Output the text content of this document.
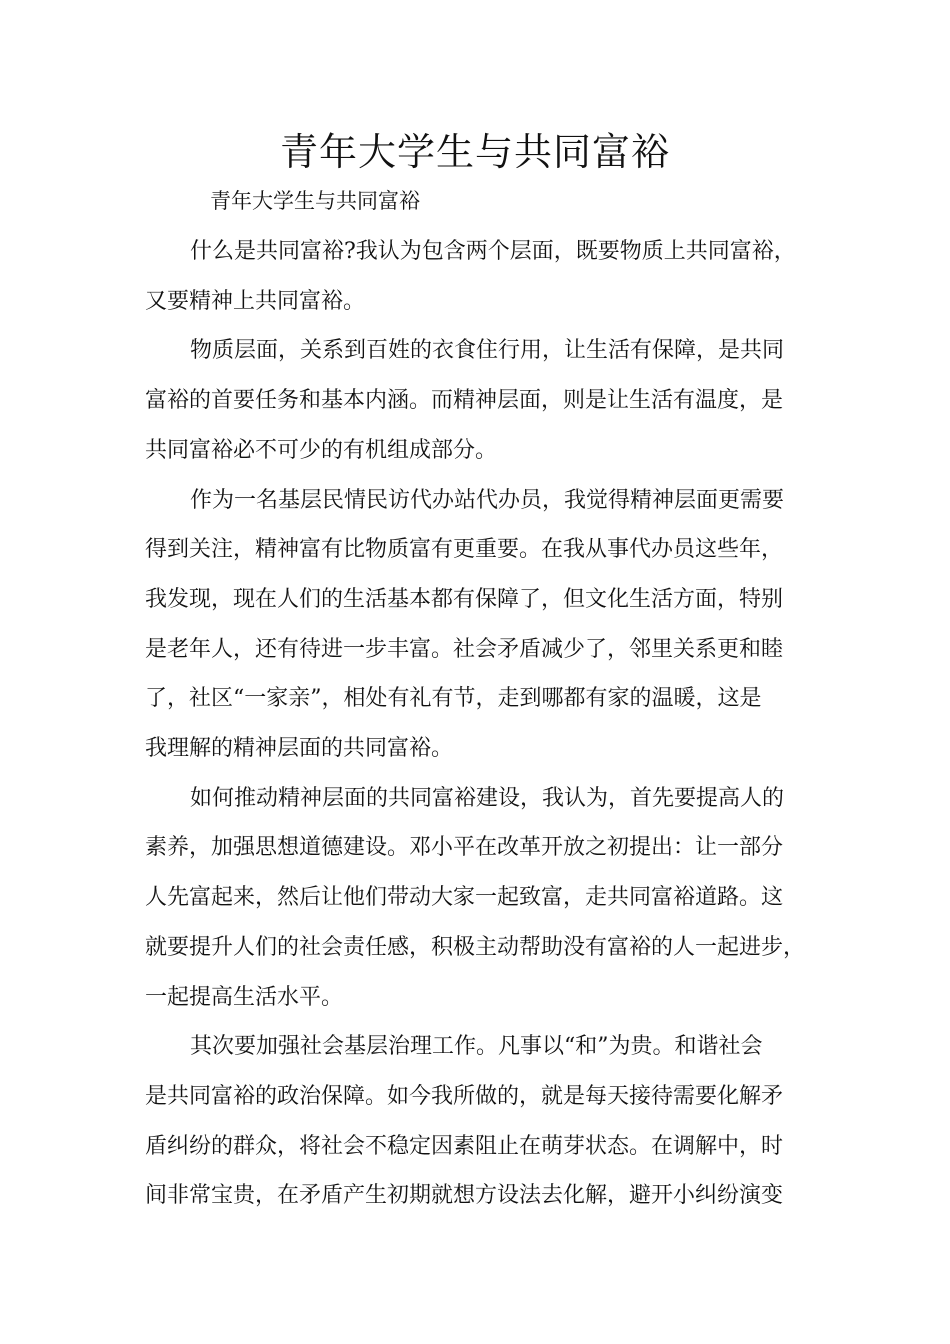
青年大学生与共同富裕
青年大学生与共同富裕
什么是共同富裕?我认为包含两个层面，既要物质上共同富裕，
又要精神上共同富裕。
物质层面，关系到百姓的衣食住行用，让生活有保障，是共同
富裕的首要任务和基本内涵。而精神层面，则是让生活有温度，是
共同富裕必不可少的有机组成部分。
作为一名基层民情民访代办站代办员，我觉得精神层面更需要
得到关注，精神富有比物质富有更重要。在我从事代办员这些年，
我发现，现在人们的生活基本都有保障了，但文化生活方面，特别
是老年人，还有待进一步丰富。社会矛盾减少了，邻里关系更和睦
了，社区“一家亲”，相处有礼有节，走到哪都有家的温暖，这是
我理解的精神层面的共同富裕。
如何推动精神层面的共同富裕建设，我认为，首先要提高人的
素养，加强思想道德建设。邓小平在改革开放之初提出：让一部分
人先富起来，然后让他们带动大家一起致富，走共同富裕道路。这
就要提升人们的社会责任感，积极主动帮助没有富裕的人一起进步，
一起提高生活水平。
其次要加强社会基层治理工作。凡事以“和”为贵。和谐社会
是共同富裕的政治保障。如今我所做的，就是每天接待需要化解矛
盾纠纷的群众，将社会不稳定因素阻止在萌芽状态。在调解中，时
间非常宝贵，在矛盾产生初期就想方设法去化解，避开小纠纷演变
